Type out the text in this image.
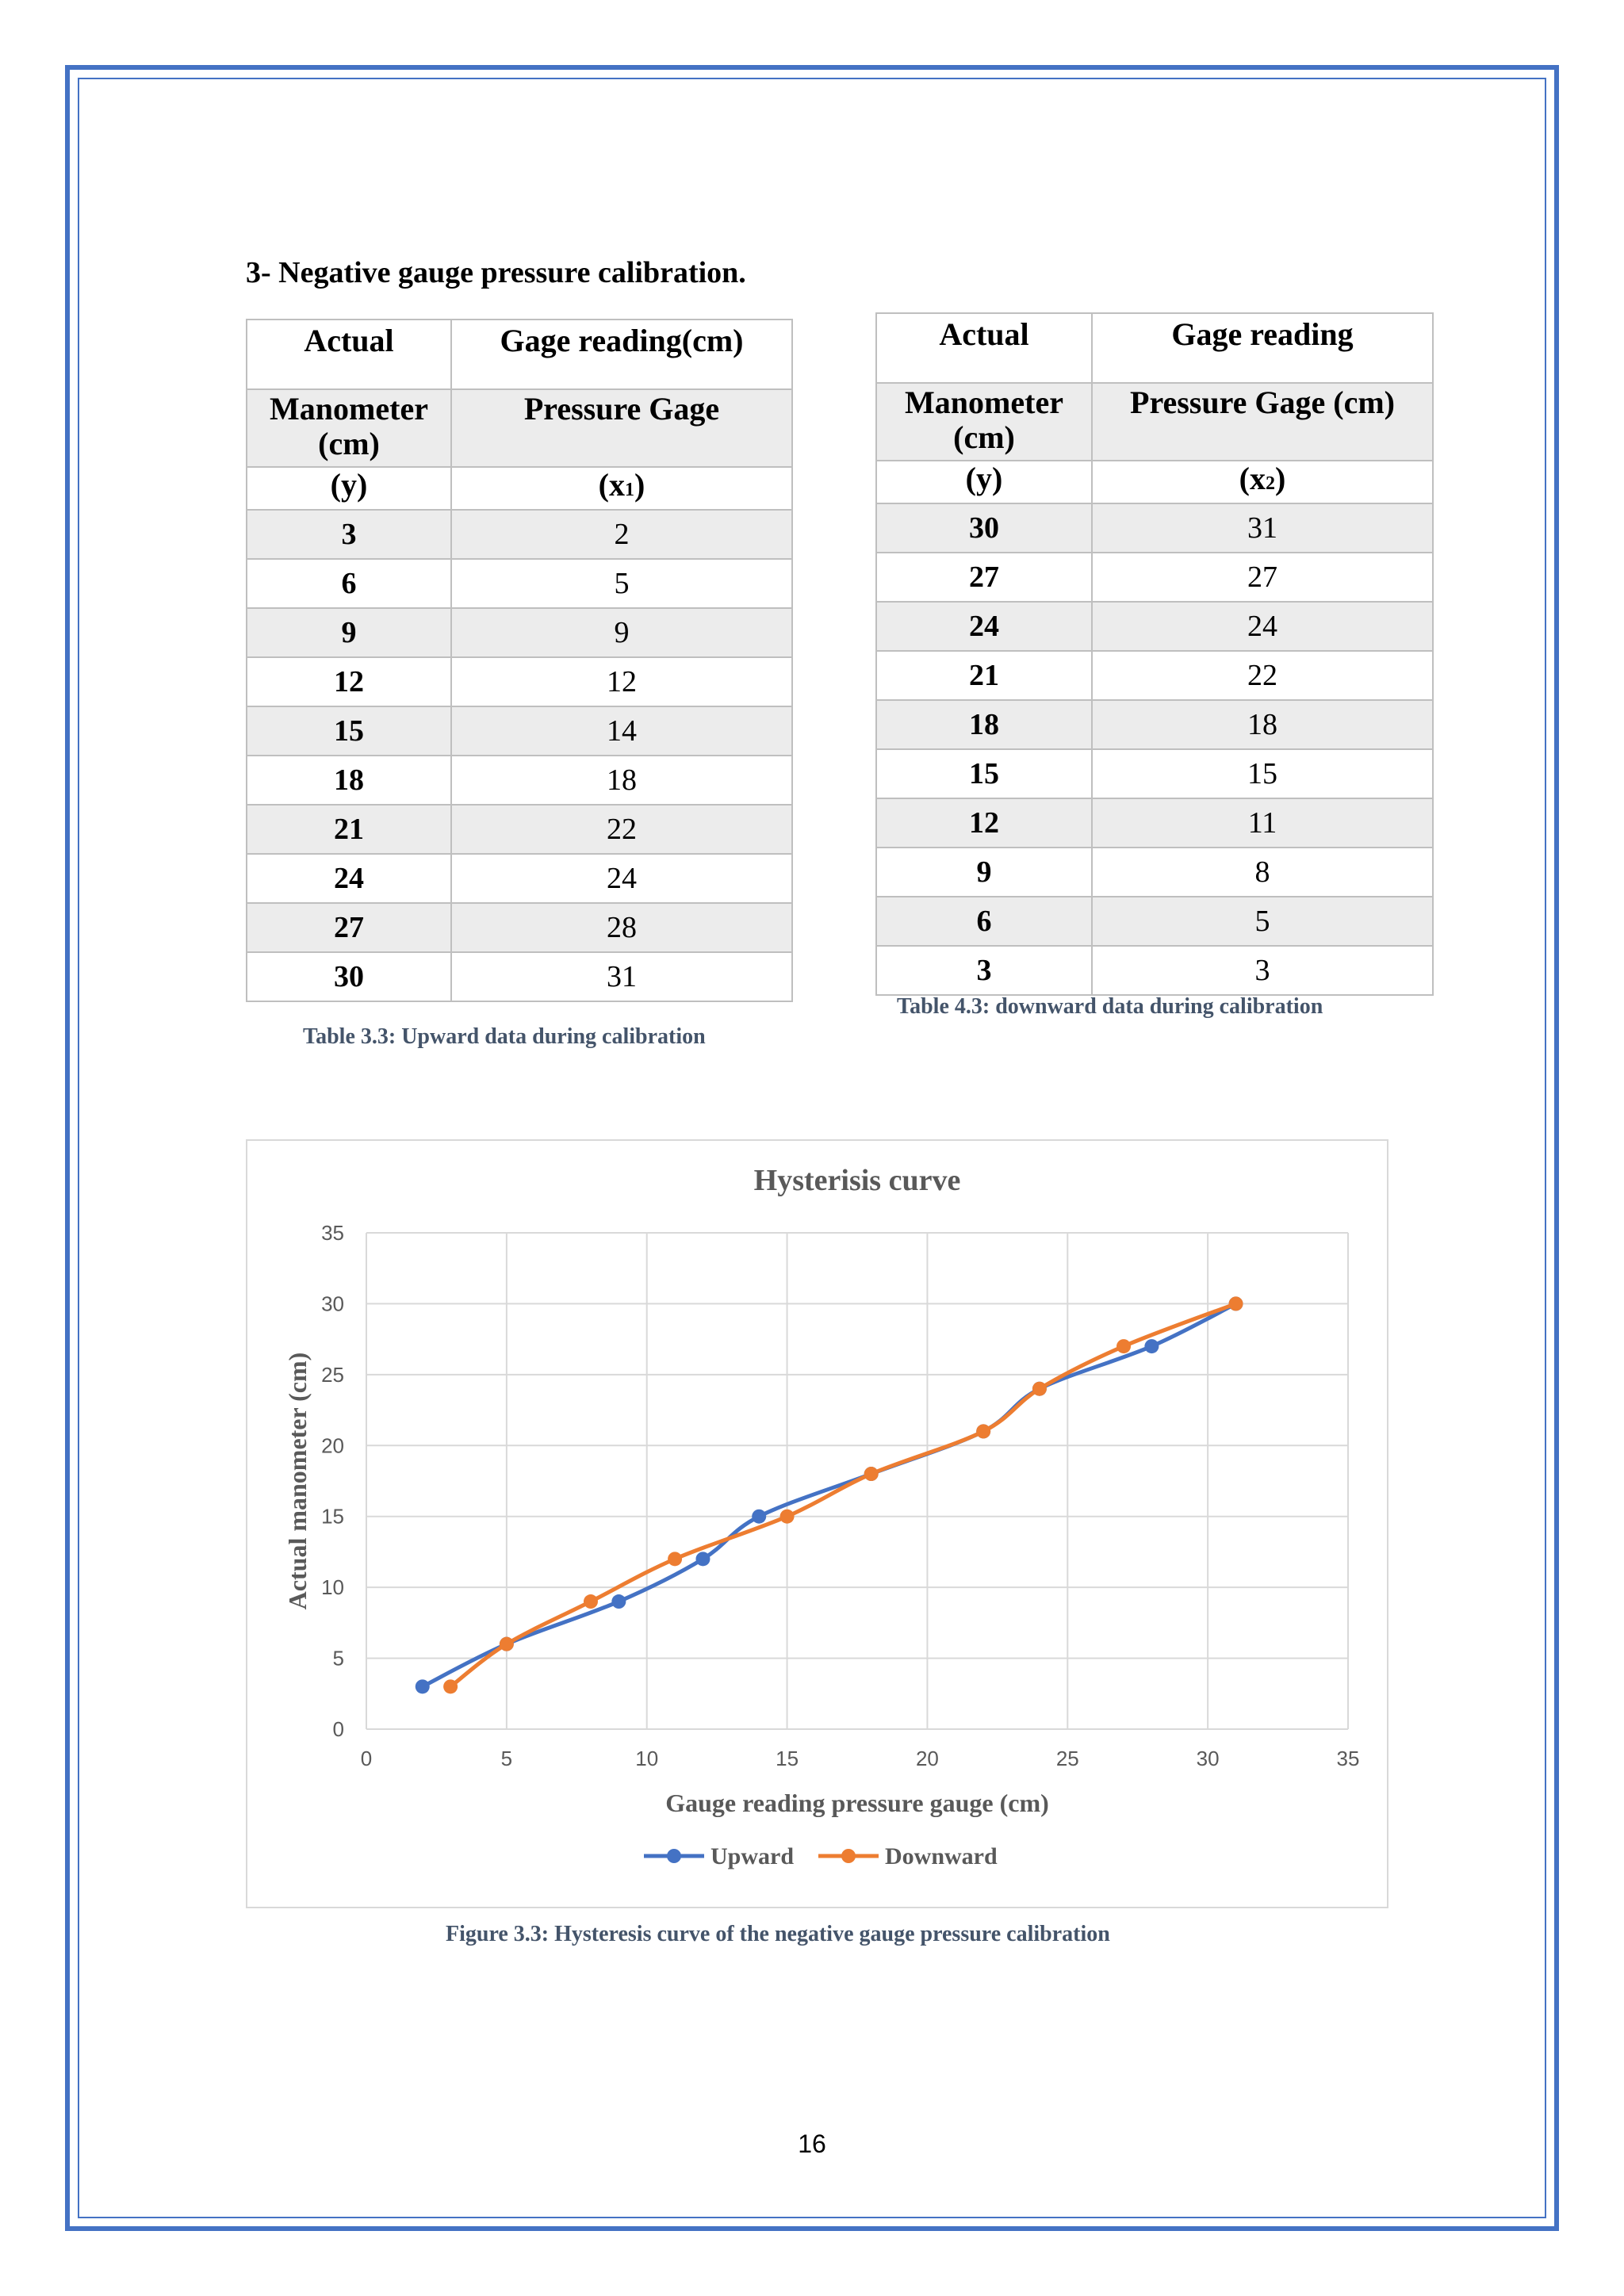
3- Negative gauge pressure calibration.
Actual	Gage reading(cm)
Manometer (cm)	Pressure Gage
(y)	(x1)
3	2
6	5
9	9
12	12
15	14
18	18
21	22
24	24
27	28
30	31

Table 3.3: Upward data during calibration

Actual	Gage reading
Manometer (cm)	Pressure Gage (cm)
(y)	(x2)
30	31
27	27
24	24
21	22
18	18
15	15
12	11
9	8
6	5
3	3

Table 4.3: downward data during calibration

Hysterisis curve
0	5	10	15	20	25	30	35
0
5
10
15
20
25
30
35
Gauge reading pressure gauge (cm)
Actual manometer (cm)
Upward	Downward

Figure 3.3: Hysteresis curve of the negative gauge pressure calibration

16
